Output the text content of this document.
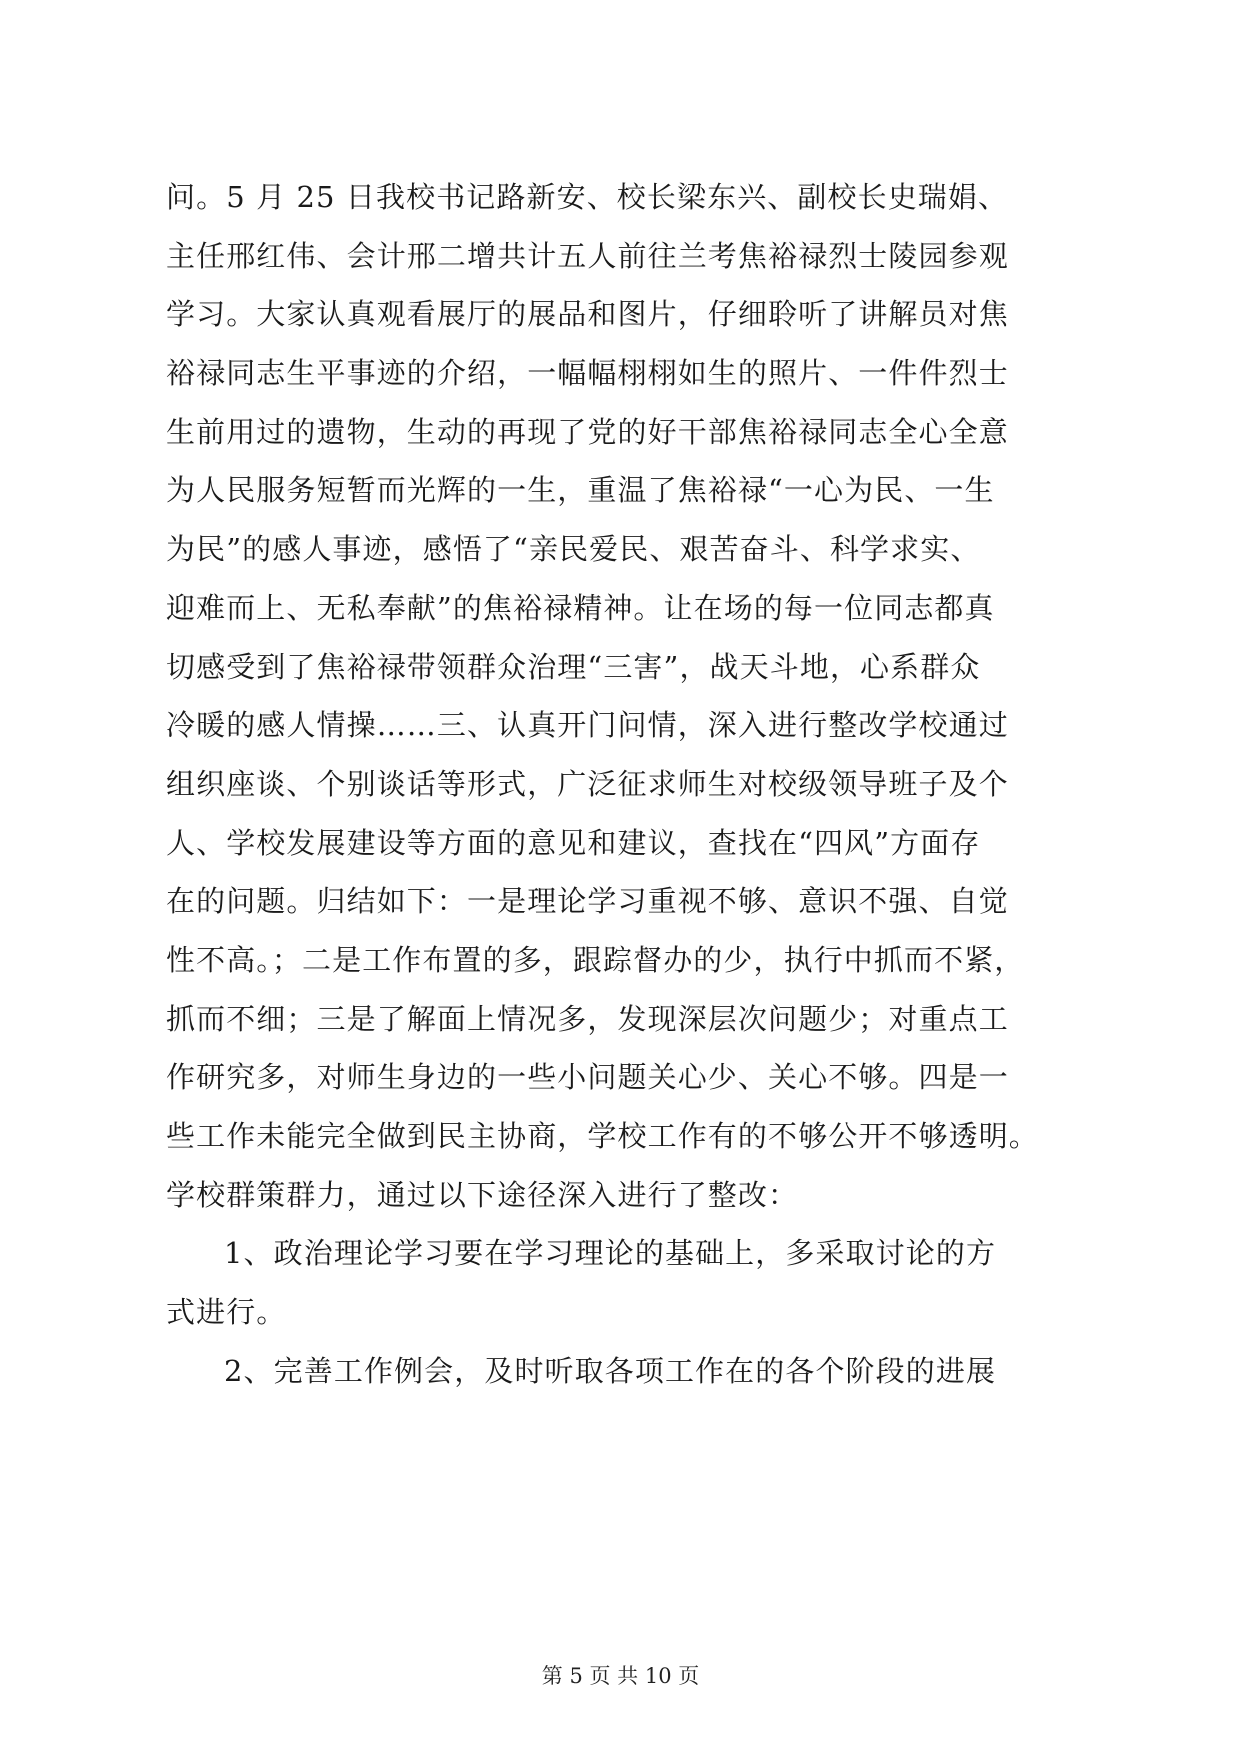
问。5 月 25 日我校书记路新安、校长梁东兴、副校长史瑞娟、
主任邢红伟、会计邢二增共计五人前往兰考焦裕禄烈士陵园参观
学习。大家认真观看展厅的展品和图片，仔细聆听了讲解员对焦
裕禄同志生平事迹的介绍，一幅幅栩栩如生的照片、一件件烈士
生前用过的遗物，生动的再现了党的好干部焦裕禄同志全心全意
为人民服务短暂而光辉的一生，重温了焦裕禄“一心为民、一生
为民”的感人事迹，感悟了“亲民爱民、艰苦奋斗、科学求实、
迎难而上、无私奉献”的焦裕禄精神。让在场的每一位同志都真
切感受到了焦裕禄带领群众治理“三害”，战天斗地，心系群众
冷暖的感人情操……三、认真开门问情，深入进行整改学校通过
组织座谈、个别谈话等形式，广泛征求师生对校级领导班子及个
人、学校发展建设等方面的意见和建议，查找在“四风”方面存
在的问题。归结如下：一是理论学习重视不够、意识不强、自觉
性不高。；二是工作布置的多，跟踪督办的少，执行中抓而不紧，
抓而不细；三是了解面上情况多，发现深层次问题少；对重点工
作研究多，对师生身边的一些小问题关心少、关心不够。四是一
些工作未能完全做到民主协商，学校工作有的不够公开不够透明。
学校群策群力，通过以下途径深入进行了整改：
1、政治理论学习要在学习理论的基础上，多采取讨论的方
式进行。
2、完善工作例会，及时听取各项工作在的各个阶段的进展
第 5 页 共 10 页
